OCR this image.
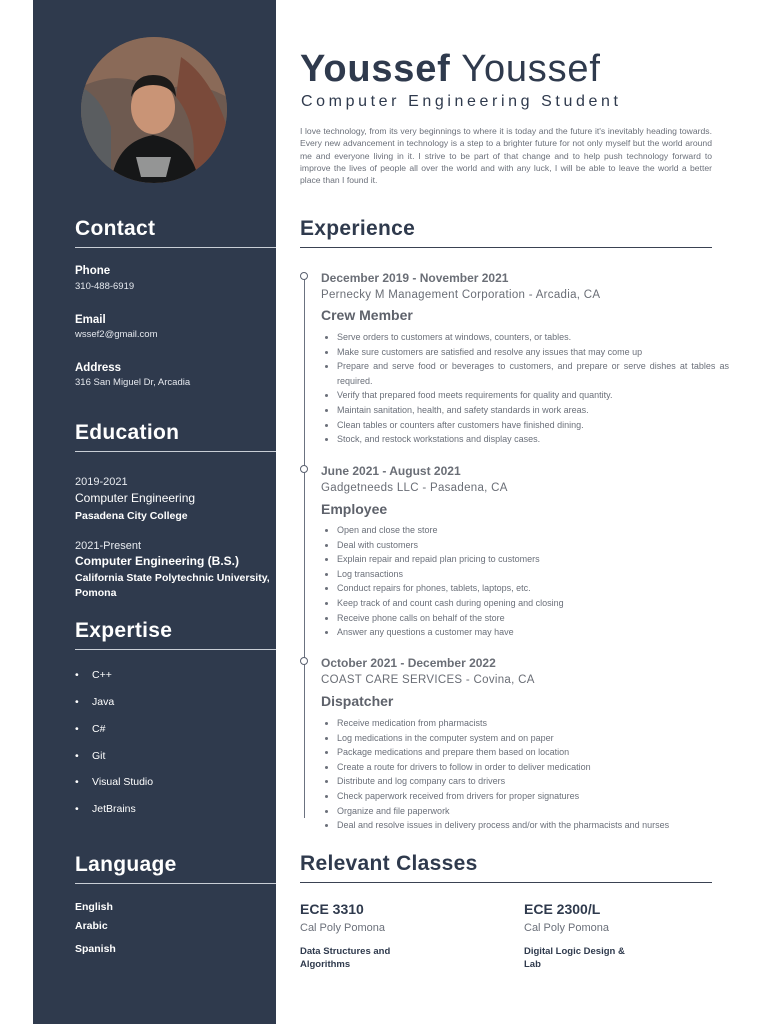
Contact
Phone
310-488-6919
Email
wssef2@gmail.com
Address
316 San Miguel Dr, Arcadia
Education
2019-2021
Computer Engineering
Pasadena City College
2021-Present
Computer Engineering (B.S.)
California State Polytechnic University, Pomona
Expertise
• C++
• Java
• C#
• Git
• Visual Studio
• JetBrains
Language
English
Arabic
Spanish
Youssef Youssef
Computer Engineering Student
I love technology, from its very beginnings to where it is today and the future it's inevitably heading towards. Every new advancement in technology is a step to a brighter future for not only myself but the world around me and everyone living in it. I strive to be part of that change and to help push technology forward to improve the lives of people all over the world and with any luck, I will be able to leave the world a better place than I found it.
Experience
December 2019 - November 2021
Pernecky M Management Corporation - Arcadia, CA
Crew Member
• Serve orders to customers at windows, counters, or tables.
• Make sure customers are satisfied and resolve any issues that may come up
• Prepare and serve food or beverages to customers, and prepare or serve dishes at tables as required.
• Verify that prepared food meets requirements for quality and quantity.
• Maintain sanitation, health, and safety standards in work areas.
• Clean tables or counters after customers have finished dining.
• Stock, and restock workstations and display cases.
June 2021 - August 2021
Gadgetneeds LLC - Pasadena, CA
Employee
• Open and close the store
• Deal with customers
• Explain repair and repaid plan pricing to customers
• Log transactions
• Conduct repairs for phones, tablets, laptops, etc.
• Keep track of and count cash during opening and closing
• Receive phone calls on behalf of the store
• Answer any questions a customer may have
October 2021 - December 2022
COAST CARE SERVICES - Covina, CA
Dispatcher
• Receive medication from pharmacists
• Log medications in the computer system and on paper
• Package medications and prepare them based on location
• Create a route for drivers to follow in order to deliver medication
• Distribute and log company cars to drivers
• Check paperwork received from drivers for proper signatures
• Organize and file paperwork
• Deal and resolve issues in delivery process and/or with the pharmacists and nurses
Relevant Classes
ECE 3310
Cal Poly Pomona
Data Structures and Algorithms
ECE 2300/L
Cal Poly Pomona
Digital Logic Design & Lab
